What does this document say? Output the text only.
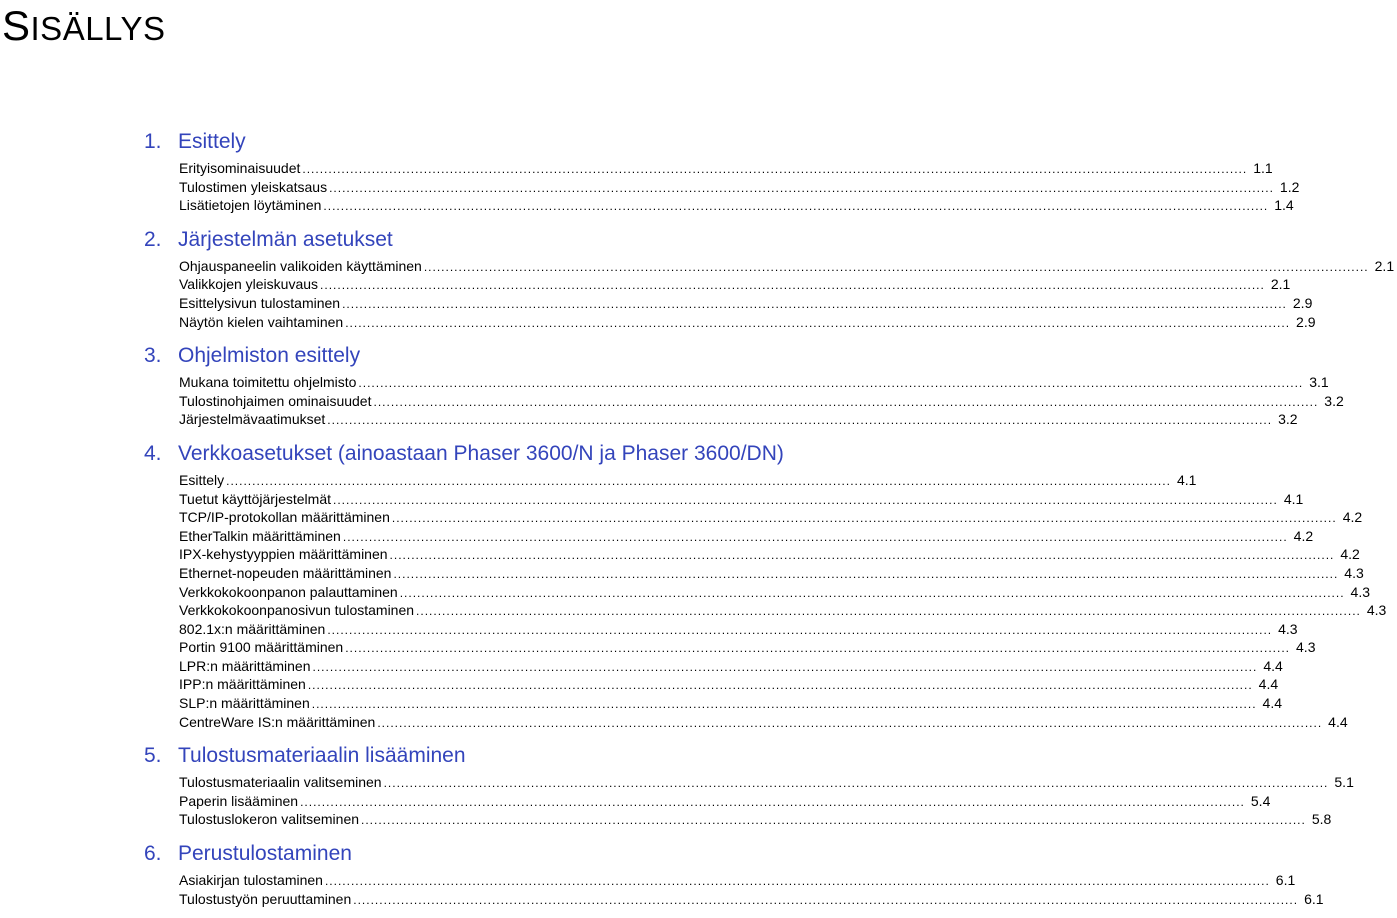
SISÄLLYS
1. Esittely
Erityisominaisuudet .......................................................................................................................................................................................................................... 1.1
Tulostimen yleiskatsaus .......................................................................................................................................................................................................................... 1.2
Lisätietojen löytäminen .......................................................................................................................................................................................................................... 1.4
2. Järjestelmän asetukset
Ohjauspaneelin valikoiden käyttäminen .......................................................................................................................................................................................................................... 2.1
Valikkojen yleiskuvaus .......................................................................................................................................................................................................................... 2.1
Esittelysivun tulostaminen .......................................................................................................................................................................................................................... 2.9
Näytön kielen vaihtaminen .......................................................................................................................................................................................................................... 2.9
3. Ohjelmiston esittely
Mukana toimitettu ohjelmisto .......................................................................................................................................................................................................................... 3.1
Tulostinohjaimen ominaisuudet .......................................................................................................................................................................................................................... 3.2
Järjestelmävaatimukset .......................................................................................................................................................................................................................... 3.2
4. Verkkoasetukset (ainoastaan Phaser 3600/N ja Phaser 3600/DN)
Esittely .......................................................................................................................................................................................................................... 4.1
Tuetut käyttöjärjestelmät .......................................................................................................................................................................................................................... 4.1
TCP/IP-protokollan määrittäminen .......................................................................................................................................................................................................................... 4.2
EtherTalkin määrittäminen .......................................................................................................................................................................................................................... 4.2
IPX-kehystyyppien määrittäminen .......................................................................................................................................................................................................................... 4.2
Ethernet-nopeuden määrittäminen .......................................................................................................................................................................................................................... 4.3
Verkkokokoonpanon palauttaminen .......................................................................................................................................................................................................................... 4.3
Verkkokokoonpanosivun tulostaminen .......................................................................................................................................................................................................................... 4.3
802.1x:n määrittäminen .......................................................................................................................................................................................................................... 4.3
Portin 9100 määrittäminen .......................................................................................................................................................................................................................... 4.3
LPR:n määrittäminen .......................................................................................................................................................................................................................... 4.4
IPP:n määrittäminen .......................................................................................................................................................................................................................... 4.4
SLP:n määrittäminen .......................................................................................................................................................................................................................... 4.4
CentreWare IS:n määrittäminen .......................................................................................................................................................................................................................... 4.4
5. Tulostusmateriaalin lisääminen
Tulostusmateriaalin valitseminen .......................................................................................................................................................................................................................... 5.1
Paperin lisääminen .......................................................................................................................................................................................................................... 5.4
Tulostuslokeron valitseminen .......................................................................................................................................................................................................................... 5.8
6. Perustulostaminen
Asiakirjan tulostaminen .......................................................................................................................................................................................................................... 6.1
Tulostustyön peruuttaminen .......................................................................................................................................................................................................................... 6.1
